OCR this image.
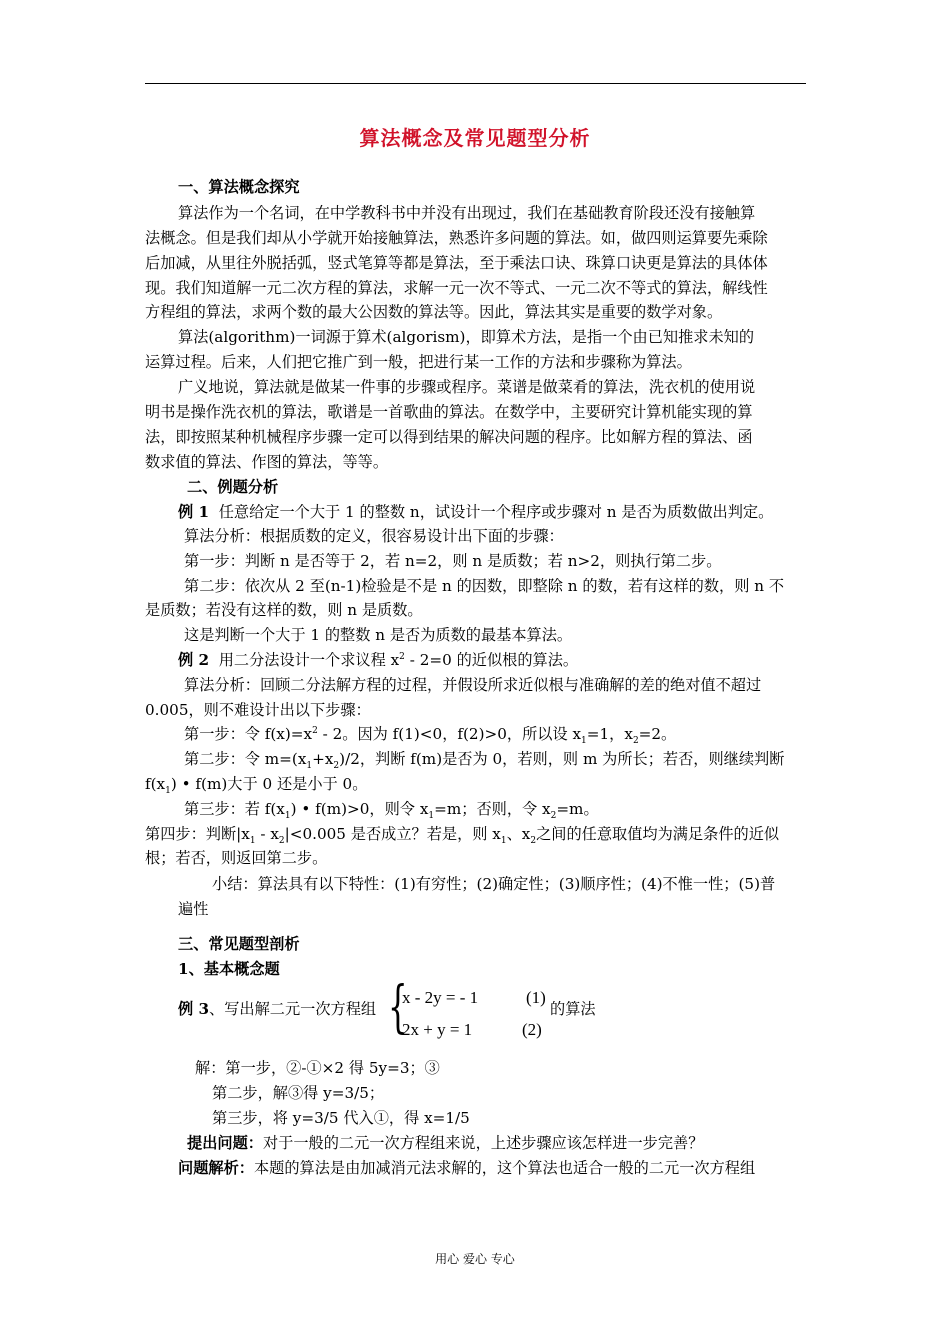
算法概念及常见题型分析
一、算法概念探究
算法作为一个名词，在中学教科书中并没有出现过，我们在基础教育阶段还没有接触算
法概念。但是我们却从小学就开始接触算法，熟悉许多问题的算法。如，做四则运算要先乘除
后加减，从里往外脱括弧，竖式笔算等都是算法，至于乘法口诀、珠算口诀更是算法的具体体
现。我们知道解一元二次方程的算法，求解一元一次不等式、一元二次不等式的算法，解线性
方程组的算法，求两个数的最大公因数的算法等。因此，算法其实是重要的数学对象。
算法(algorithm)一词源于算术(algorism)，即算术方法，是指一个由已知推求未知的
运算过程。后来，人们把它推广到一般，把进行某一工作的方法和步骤称为算法。
广义地说，算法就是做某一件事的步骤或程序。菜谱是做菜肴的算法，洗衣机的使用说
明书是操作洗衣机的算法，歌谱是一首歌曲的算法。在数学中，主要研究计算机能实现的算
法，即按照某种机械程序步骤一定可以得到结果的解决问题的程序。比如解方程的算法、函
数求值的算法、作图的算法，等等。
二、例题分析
例 1 任意给定一个大于 1 的整数 n，试设计一个程序或步骤对 n 是否为质数做出判定。
算法分析：根据质数的定义，很容易设计出下面的步骤：
第一步：判断 n 是否等于 2，若 n=2，则 n 是质数；若 n>2，则执行第二步。
第二步：依次从 2 至(n-1)检验是不是 n 的因数，即整除 n 的数，若有这样的数，则 n 不
是质数；若没有这样的数，则 n 是质数。
这是判断一个大于 1 的整数 n 是否为质数的最基本算法。
例 2 用二分法设计一个求议程 $x^2 - 2=0$ 的近似根的算法。
算法分析：回顾二分法解方程的过程，并假设所求近似根与准确解的差的绝对值不超过
0.005，则不难设计出以下步骤：
第一步：令 $f(x)=x^2 - 2$。因为 f(1)<0，f(2)>0，所以设 $x_1=1$，$x_2=2$。
第二步：令 $m=(x_1+x_2)/2$，判断 f(m)是否为 0，若则，则 m 为所长；若否，则继续判断
$f(x_1)$ • f(m)大于 0 还是小于 0。
第三步：若 $f(x_1)$ • f(m)>0，则令 $x_1=m$；否则，令 $x_2=m$。
第四步：判断$|x_1 - x_2|<0.005$ 是否成立？若是，则 $x_1$、$x_2$之间的任意取值均为满足条件的近似
根；若否，则返回第二步。
小结：算法具有以下特性：(1)有穷性；(2)确定性；(3)顺序性；(4)不惟一性；(5)普
遍性
三、常见题型剖析
1、基本概念题
例 3、写出解二元一次方程组 {
x - 2y = - 1	(1)
2x + y = 1	(2)
的算法
解：第一步，②-①×2 得 5y=3；③
第二步，解③得 y=3/5；
第三步，将 y=3/5 代入①，得 x=1/5
提出问题：对于一般的二元一次方程组来说，上述步骤应该怎样进一步完善？
问题解析：本题的算法是由加减消元法求解的，这个算法也适合一般的二元一次方程组
用心 爱心 专心
